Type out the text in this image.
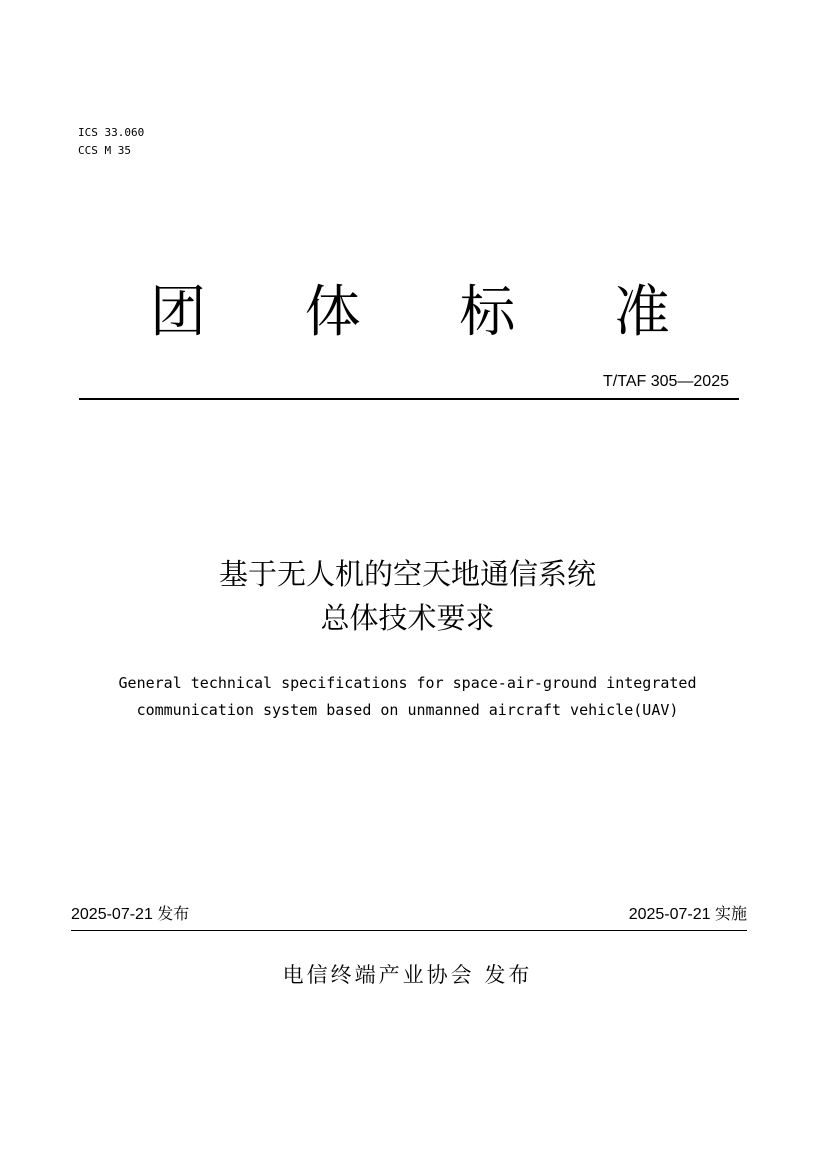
ICS 33.060
CCS M 35
团 体 标 准
T/TAF 305—2025
基于无人机的空天地通信系统
总体技术要求
General technical specifications for space-air-ground integrated
communication system based on unmanned aircraft vehicle(UAV)
2025-07-21 发布	2025-07-21 实施
电信终端产业协会 发布
